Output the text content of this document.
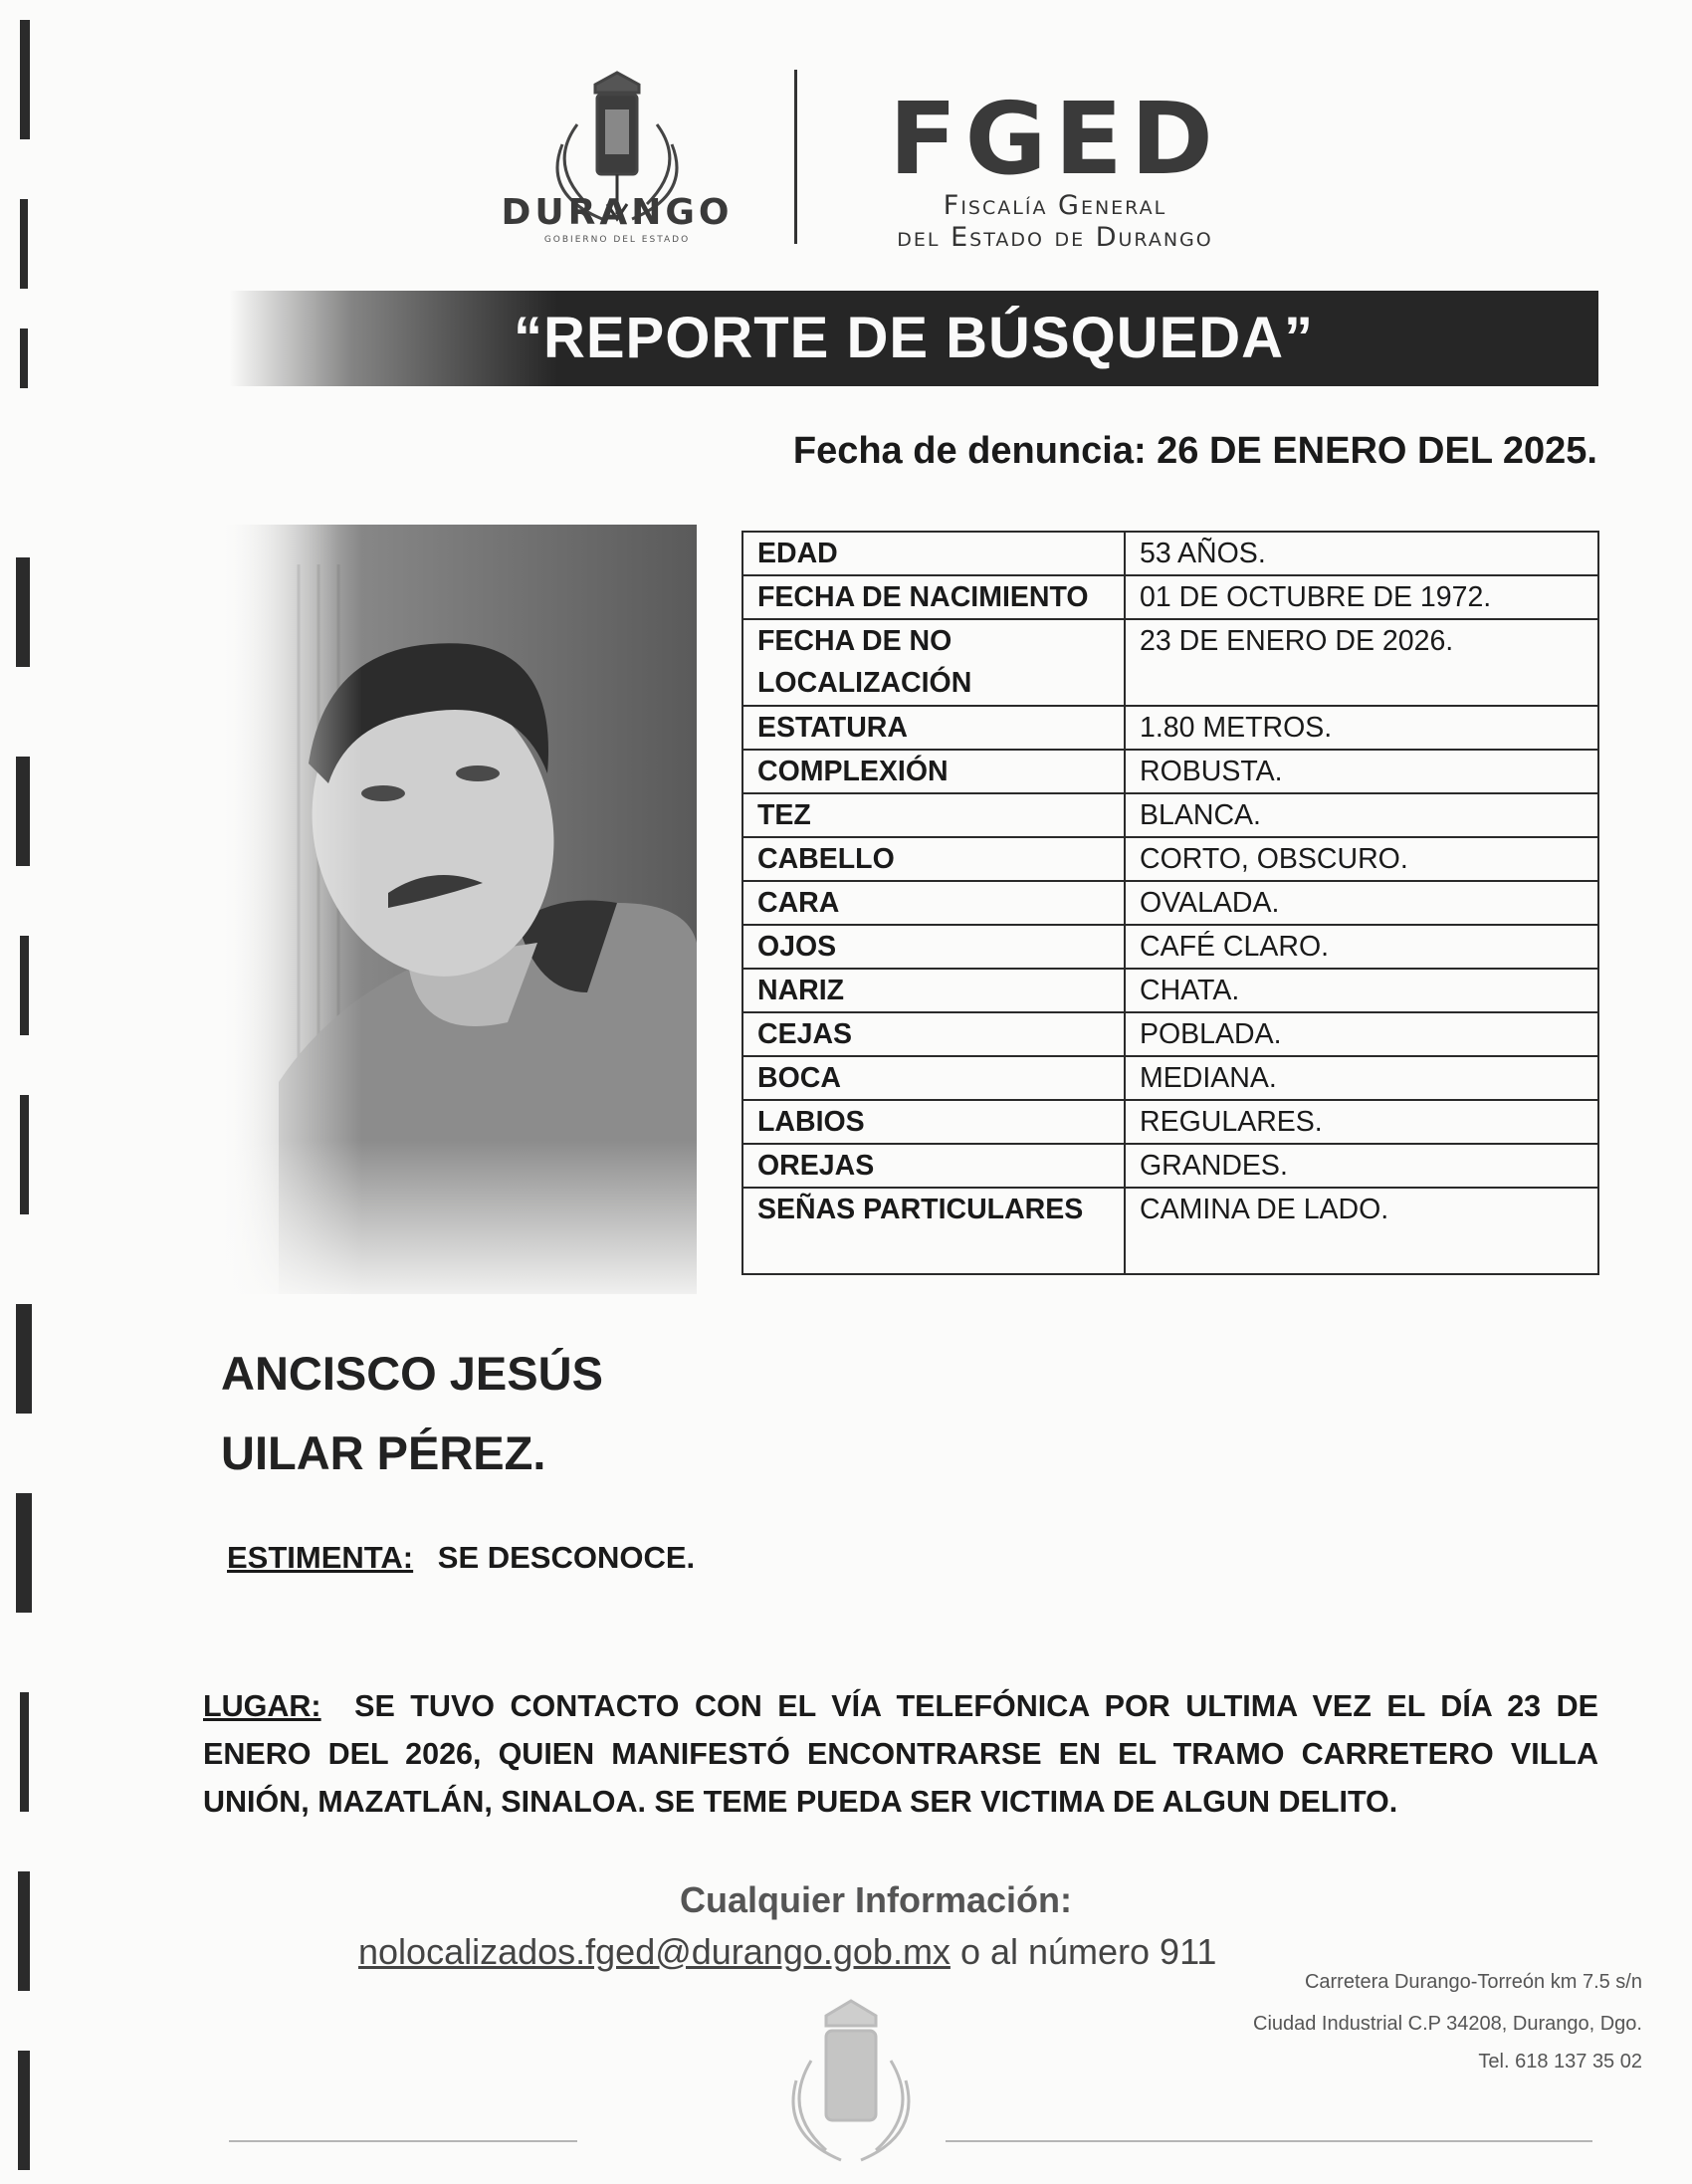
DURANGO
GOBIERNO DEL ESTADO
FGED
Fiscalía General
del Estado de Durango
“REPORTE DE BÚSQUEDA”
Fecha de denuncia: 26 DE ENERO DEL 2025.
EDAD	53 AÑOS.
FECHA DE NACIMIENTO	01 DE OCTUBRE DE 1972.
FECHA DE NO LOCALIZACIÓN	23 DE ENERO DE 2026.
ESTATURA	1.80 METROS.
COMPLEXIÓN	ROBUSTA.
TEZ	BLANCA.
CABELLO	CORTO, OBSCURO.
CARA	OVALADA.
OJOS	CAFÉ CLARO.
NARIZ	CHATA.
CEJAS	POBLADA.
BOCA	MEDIANA.
LABIOS	REGULARES.
OREJAS	GRANDES.
SEÑAS PARTICULARES	CAMINA DE LADO.
ANCISCO JESÚS
UILAR PÉREZ.
ESTIMENTA: SE DESCONOCE.
LUGAR: SE TUVO CONTACTO CON EL VÍA TELEFÓNICA POR ULTIMA VEZ EL DÍA 23 DE ENERO DEL 2026, QUIEN MANIFESTÓ ENCONTRARSE EN EL TRAMO CARRETERO VILLA UNIÓN, MAZATLÁN, SINALOA. SE TEME PUEDA SER VICTIMA DE ALGUN DELITO.
Cualquier Información:
nolocalizados.fged@durango.gob.mx o al número 911
Carretera Durango-Torreón km 7.5 s/n
Ciudad Industrial C.P 34208, Durango, Dgo.
Tel. 618 137 35 02
